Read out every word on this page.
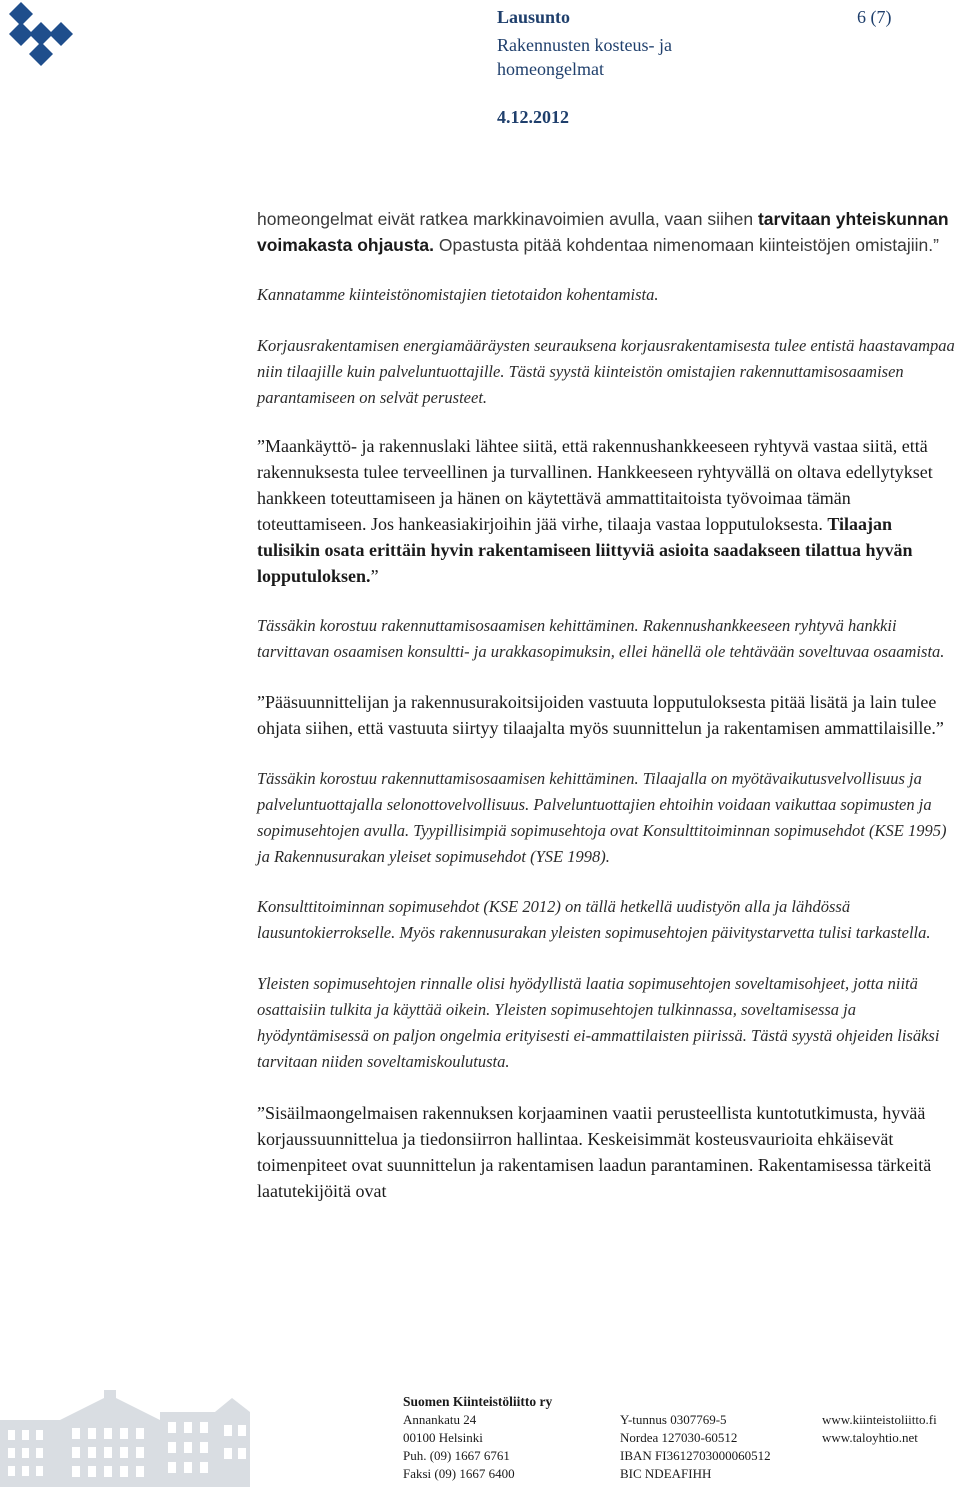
Lausunto	6 (7)
Rakennusten kosteus- ja homeongelmat
4.12.2012

homeongelmat eivät ratkea markkinavoimien avulla, vaan siihen tarvitaan yhteiskunnan voimakasta ohjausta. Opastusta pitää kohdentaa nimenomaan kiinteistöjen omistajiin.”

Kannatamme kiinteistönomistajien tietotaidon kohentamista.

Korjausrakentamisen energiamääräysten seurauksena korjausrakentamisesta tulee entistä haastavampaa niin tilaajille kuin palveluntuottajille. Tästä syystä kiinteistön omistajien rakennuttamisosaamisen parantamiseen on selvät perusteet.

”Maankäyttö- ja rakennuslaki lähtee siitä, että rakennushankkeeseen ryhtyvä vastaa siitä, että rakennuksesta tulee terveellinen ja turvallinen. Hankkeeseen ryhtyvällä on oltava edellytykset hankkeen toteuttamiseen ja hänen on käytettävä ammattitaitoista työvoimaa tämän toteuttamiseen. Jos hankeasiakirjoihin jää virhe, tilaaja vastaa lopputuloksesta. Tilaajan tulisikin osata erittäin hyvin rakentamiseen liittyviä asioita saadakseen tilattua hyvän lopputuloksen.”

Tässäkin korostuu rakennuttamisosaamisen kehittäminen. Rakennushankkeeseen ryhtyvä hankkii tarvittavan osaamisen konsultti- ja urakkasopimuksin, ellei hänellä ole tehtävään soveltuvaa osaamista.

”Pääsuunnittelijan ja rakennusurakoitsijoiden vastuuta lopputuloksesta pitää lisätä ja lain tulee ohjata siihen, että vastuuta siirtyy tilaajalta myös suunnittelun ja rakentamisen ammattilaisille.”

Tässäkin korostuu rakennuttamisosaamisen kehittäminen. Tilaajalla on myötävaikutusvelvollisuus ja palveluntuottajalla selonottovelvollisuus. Palveluntuottajien ehtoihin voidaan vaikuttaa sopimusten ja sopimusehtojen avulla. Tyypillisimpiä sopimusehtoja ovat Konsulttitoiminnan sopimusehdot (KSE 1995) ja Rakennusurakan yleiset sopimusehdot (YSE 1998).

Konsulttitoiminnan sopimusehdot (KSE 2012) on tällä hetkellä uudistyön alla ja lähdössä lausuntokierrokselle. Myös rakennusurakan yleisten sopimusehtojen päivitystarvetta tulisi tarkastella.

Yleisten sopimusehtojen rinnalle olisi hyödyllistä laatia sopimusehtojen soveltamisohjeet, jotta niitä osattaisiin tulkita ja käyttää oikein. Yleisten sopimusehtojen tulkinnassa, soveltamisessa ja hyödyntämisessä on paljon ongelmia erityisesti ei-ammattilaisten piirissä. Tästä syystä ohjeiden lisäksi tarvitaan niiden soveltamiskoulutusta.

”Sisäilmaongelmaisen rakennuksen korjaaminen vaatii perusteellista kuntotutkimusta, hyvää korjaussuunnittelua ja tiedonsiirron hallintaa. Keskeisimmät kosteusvaurioita ehkäisevät toimenpiteet ovat suunnittelun ja rakentamisen laadun parantaminen. Rakentamisessa tärkeitä laatutekijöitä ovat

Suomen Kiinteistöliitto ry
Annankatu 24
00100 Helsinki
Puh. (09) 1667 6761
Faksi (09) 1667 6400
Y-tunnus 0307769-5
Nordea 127030-60512
IBAN FI3612703000060512
BIC NDEAFIHH
www.kiinteistoliitto.fi
www.taloyhtio.net
